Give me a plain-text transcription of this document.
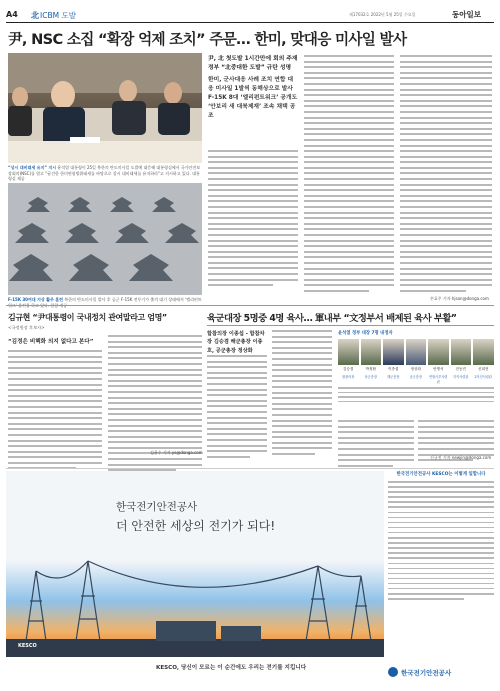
A4 北 ICBM 도발	제17032호 2022년 5월 25일 수요일	동아일보
尹, NSC 소집 “확장 억제 조치” 주문… 한미, 맞대응 미사일 발사
“상시 대비태세 유지” 지시 윤석열 대통령이 25일 북한의 탄도미사일 도발에 대응해 대통령실에서 국가안전보장회의(NSC)를 열고 “굳건한 한미연합방위태세를 바탕으로 상시 대비태세를 유지하라”고 지시하고 있다. 대통령실 제공
F-15K 30여대 지상 활주 훈련 북한의 탄도미사일 발사 후 공군 F-15K 전투기가 출격 대기 상태에서 ‘엘리펀트
尹, 北 첫도발 1시간만에 회의 주재 정부 “北중대한 도발” 규탄 성명
한미, 군사대응 사례 조치 연합 대응 미사일 1발씩 동해상으로 발사 F-15K 8대 ‘엘리펀트워크’ 공개도 ‘안보리 새 대북제재’ 조속 채택 공조
손효주 기자 hjson@donga.com
육군대장 5명중 4명 육사… 軍내부 “文정부서 배제된 육사 부활”
김규현 “尹대통령이 국내정치 관여말라고 엄명”
<국정원장 후보자>
“김정은 비핵화 의지 없다고 본다”
김윤수 기자 ys@donga.com
합참의장 이종섭 - 합참차장 김승겸 해군총장 이종호, 공군총장 정상화
윤석열 정부 대장 7명 내정자
김승겸	박정환	이종섭	정상화	안병석	전동진	신희현
합참의장	육군총장	해군총장	공군총장	연합사부사령관
지작사령관	2작전사령관
신규진 기자 newjin@donga.com
한국전기안전공사
더 안전한 세상의 전기가 되다!
KESCO
한국전기안전공사 KESCO는 이렇게 일합니다
KESCO, 당신이 모르는 이 순간에도 우리는 전기를 지킵니다
한국전기안전공사
